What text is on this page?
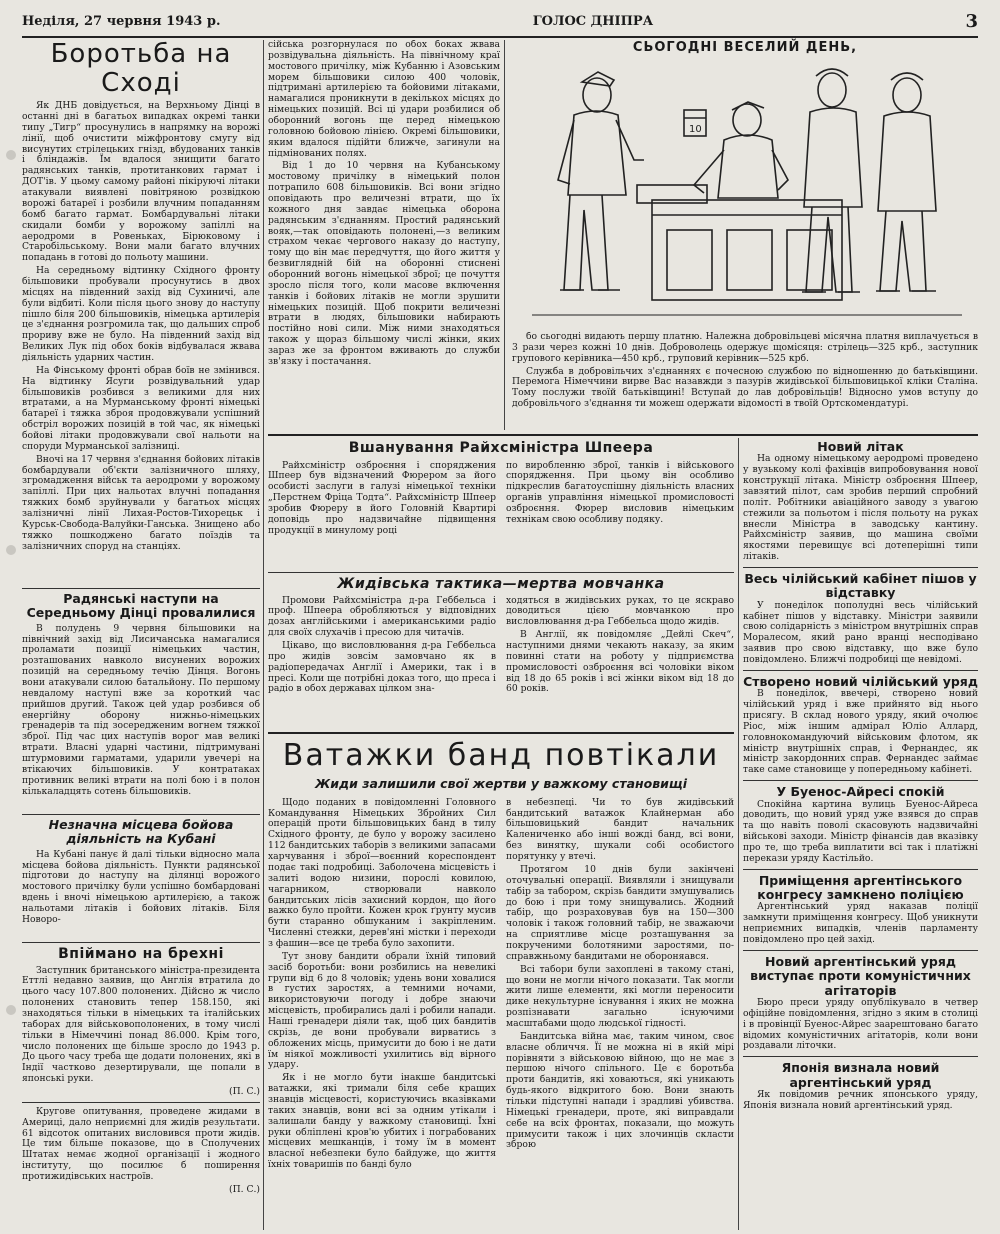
Неділя, 27 червня 1943 р.	ГОЛОС ДНІПРА	3
Боротьба на Сході

Як ДНБ довідується, на Верхньому Дінці в останні дні в багатьох випадках окремі танки типу „Тигр“ просунулись в напрямку на ворожі лінії, щоб очистити міжфронтову смугу від висунутих стрілецьких гнізд, вбудованих танків і бліндажів. Їм вдалося знищити багато радянських танків, протитанкових гармат і ДОТ'ів. У цьому самому районі пікіруючі літаки атакували виявлені повітряною розвідкою ворожі батареї і розбили влучним попаданням бомб багато гармат. Бомбардувальні літаки скидали бомби у ворожому запіллі на аеродроми в Ровеньках, Бірюковому і Старобільському. Вони мали багато влучних попадань в готові до польоту машини.

На середньому відтинку Східного фронту більшовики пробували просунутись в двох місцях на південний захід від Сухиничі, але були відбиті. Коли після цього знову до наступу пішло біля 200 більшовиків, німецька артилерія це з'єднання розгромила так, що дальших спроб прориву вже не було. На південний захід від Великих Лук під обох боків відбувалася жвава діяльність ударних частин.

На Фінському фронті обрав боїв не змінився. На відтинку Ясуги розвідувальний удар більшовиків розбився з великими для них втратами, а на Мурманському фронті німецькі батареї і тяжка зброя продовжували успішний обстріл ворожих позицій в той час, як німецькі бойові літаки продовжували свої нальоти на споруди Мурманської залізниці.

Вночі на 17 червня з'єднання бойових літаків бомбардували об'єкти залізничного шляху, згромадження військ та аеродроми у ворожому запіллі. При цих нальотах влучні попадання тяжких бомб зруйнували у багатьох місцях залізничні лінії Лихая-Ростов-Тихорецьк і Курськ-Свобода-Валуйки-Ганська. Знищено або тяжко пошкоджено багато поїздів та залізничних споруд на станціях.

Радянські наступи на Середньому Дінці провалилися

В полудень 9 червня більшовики на північний захід від Лисичанська намагалися проламати позиції німецьких частин, розташованих навколо висунених ворожих позицій на середньому течію Дінця. Вогонь вони атакували силою батальйону. По першому невдалому наступі вже за короткий час прийшов другий. Також цей удар розбився об енергійну оборону нижньо-німецьких гренадерів та під зосередженим вогнем тяжкої зброї. Під час цих наступів ворог мав великі втрати. Власні ударні частини, підтримувані штурмовими гарматами, ударили увечері на втікаючих більшовиків. У контратаках противник великі втрати на полі бою і в полон кількаладцять сотень більшовиків.

Незначна місцева бойова діяльність на Кубані

На Кубані панує й далі тільки відносно мала місцева бойова діяльність. Пункти радянської підготови до наступу на ділянці ворожого мостового причілку були успішно бомбардовані вдень і вночі німецькою артилерією, а також нальотами літаків і бойових літаків. Біля Новоро-

Впіймано на брехні

Заступник британського міністра-президента Еттлі недавно заявив, що Англія втратила до цього часу 107.800 полонених. Дійсно ж число полонених становить тепер 158.150, які знаходяться тільки в німецьких та італійських таборах для військовополонених, в тому числі тільки в Німеччині понад 86.000. Крім того, число полонених ще більше зросло до 1943 р. До цього часу треба ще додати полонених, які в Індії частково дезертирували, ще попали в японські руки.

(П. С.)

Кругове опитування, проведене жидами в Америці, дало неприємні для жидів результати. 61 відсоток опитаних висловився проти жидів. Це тим більше показове, що в Сполучених Штатах немає жодної організації і жодного інституту, що посилює б поширення протижидівських настроїв.

(П. С.)

сійська розгорнулася по обох боках жвава розвідувальна діяльність. На північному краї мостового причілку, між Кубанню і Азовським морем більшовики силою 400 чоловік, підтримані артилерією та бойовими літаками, намагалися проникнути в декількох місцях до німецьких позицій. Всі ці удари розбилися об оборонний вогонь ще перед німецькою головною бойовою лінією. Окремі більшовики, яким вдалося підійти ближче, загинули на підмінованих полях.

Від 1 до 10 червня на Кубанському мостовому причілку в німецький полон потрапило 608 більшовиків. Всі вони згідно оповідають про величезні втрати, що їх кожного дня завдає німецька оборона радянським з'єднанням. Простий радянський вояк,—так оповідають полонені,—з великим страхом чекає чергового наказу до наступу, тому що він має передчуття, що його життя у безвиглядній бій на оборонні стиснені оборонний вогонь німецької зброї; це почуття зросло після того, коли масове включення танків і бойових літаків не могли зрушити німецьких позицій. Щоб покрити величезні втрати в людях, більшовики набирають постійно нові сили. Між ними знаходяться також у щораз більшому числі жінки, яких зараз же за фронтом вживають до служби зв'язку і постачання.

СЬОГОДНІ ВЕСЕЛИЙ ДЕНЬ,
10

бо сьогодні видають першу платню. Належна добровільцеві місячна платня виплачується в 3 рази через кожні 10 днів. Доброволець одержує щомісяця: стрілець—325 крб., заступник групового керівника—450 крб., груповий керівник—525 крб.

Служба в добровільчих з'єднаннях є почесною службою по відношенню до батьківщини. Перемога Німеччини вирве Вас назавжди з пазурів жидівської більшовицької кліки Сталіна. Тому послужи твоїй батьківщині! Вступай до лав добровільців! Відносно умов вступу до добровільчого з'єднання ти можеш одержати відомості в твоїй Ортскомендатурі.

Вшанування Райхсміністра Шпеера

Райхсміністр озброєння і споряджения Шпеер був відзначений Фюрером за його особисті заслуги в галузі німецької техніки „Перстнем Фріца Тодта“. Райхсміністр Шпеер зробив Фюреру в його Головній Квартирі доповідь про надзвичайне підвищення продукції в минулому році

по виробленню зброї, танків і військового спорядження. При цьому він особливо підкреслив багатоуспішну діяльність власних органів управління німецької промисловості озброєння. Фюрер висловив німецьким технікам свою особливу подяку.

Жидівська тактика—мертва мовчанка

Промови Райхсміністра д-ра Геббельса і проф. Шпеера обробляються у відповідних дозах англійськими і американськими радіо для своїх слухачів і пресою для читачів.

Цікаво, що висловлювання д-ра Геббельса про жидів зовсім замовчано як в радіопередачах Англії і Америки, так і в пресі. Коли ще потрібні доказ того, що преса і радіо в обох державах цілком зна-

ходяться в жидівських руках, то це яскраво доводиться цією мовчанкою про висловлювання д-ра Геббельса щодо жидів.

В Англії, як повідомляє „Дейлі Скеч“, наступними днями чекають наказу, за яким повинні стати на роботу у підприємства промисловості озброєння всі чоловіки віком від 18 до 65 років і всі жінки віком від 18 до 60 років.

Ватажки банд повтікали
Жиди залишили свої жертви у важкому становищі

Щодо поданих в повідомленні Головного Командування Німецьких Збройних Сил операцій проти більшовицьких банд в тилу Східного фронту, де було у ворожу засилено 112 бандитських таборів з великими запасами харчування і зброї—воєнний кореспондент подає такі подробиці. Заболочена місцевість і залиті водою низини, порослі ковилою, чагарником, створювали навколо бандитських лісів захисний кордон, що його важко було пройти. Кожен крок ґрунту мусив бути старанно обшуканим і закріпленим. Численні стежки, дерев'яні містки і переходи з фашин—все це треба було захопити.

Тут знову бандити обрали їхній типовий засіб боротьби: вони розбились на невеликі групи від 6 до 8 чоловік; удень вони ховалися в густих заростях, а темними ночами, використовуючи погоду і добре знаючи місцевість, пробирались далі і робили напади. Наші гренадери діяли так, щоб цих бандитів скрізь, де вони пробували вирватись з обложених місць, примусити до бою і не дати їм ніякої можливості ухилитись від вірного удару.

Як і не могло бути інакше бандитські ватажки, які тримали біля себе кращих знавців місцевості, користуючись вказівками таких знавців, вони всі за одним утікали і залишали банду у важкому становищі. Їхні руки обліплені кров'ю убитих і пограбованих місцевих мешканців, і тому їм в момент власної небезпеки було байдуже, що життя їхніх товаришів по банді було

в небезпеці. Чи то був жидівський бандитський ватажок Клайнерман або більшовицький бандит начальник Калениченко або інші вожді банд, всі вони, без винятку, шукали собі особистого порятунку у втечі.

Протягом 10 днів були закінчені оточувальні операції. Виявляли і знищували табір за табором, скрізь бандити змушувались до бою і при тому знищувались. Жодний табір, що розраховував був на 150—300 чоловік і також головний табір, не зважаючи на сприятливе місце розташування за покрученими болотяними заростями, по-справжньому бандитами не обороняався.

Всі табори були захоплені в такому стані, що вони не могли нічого показати. Так могли жити лише елементи, які могли переносити дике некультурне існування і яких не можна розпізнавати загально існуючими масштабами щодо людської гідності.

Бандитська війна має, таким чином, своє власне обличчя. Її не можна ні в якій мірі порівняти з військовою війною, що не має з першою нічого спільного. Це є боротьба проти бандитів, які ховаються, які уникають будь-якого відкритого бою. Вони знають тільки підступні напади і зрадливі убивства. Німецькі гренадери, проте, які виправдали себе на всіх фронтах, показали, що можуть примусити також і цих злочинців скласти зброю

Новий літак

На одному німецькому аеродромі проведено у вузькому колі фахівців випробовування нової конструкції літака. Міністр озброєння Шпеер, завзятий пілот, сам зробив перший спробний політ. Робітники авіаційного заводу з увагою стежили за польотом і після польоту на руках внесли Міністра в заводську кантину. Райхсміністр заявив, що машина своїми якостями перевищує всі дотеперішні типи літаків.

Весь чілійський кабінет пішов у відставку

У понеділок пополудні весь чілійський кабінет пішов у відставку. Міністри заявили свою солідарність з міністром внутрішніх справ Моралесом, який рано вранці несподівано заявив про свою відставку, що вже було повідомлено. Ближчі подробиці ще невідомі.

Створено новий чілійський уряд

В понеділок, ввечері, створено новий чілійський уряд і вже прийнято від нього присягу. В склад нового уряду, який очолює Ріос, між іншим адмірал Юліо Аллард, головнокомандуючий військовим флотом, як міністр внутрішніх справ, і Фернандес, як міністр закордонних справ. Фернандес займає таке саме становище у попередньому кабінеті.

У Буенос-Айресі спокій

Спокійна картина вулиць Буенос-Айреса доводить, що новий уряд уже взявся до справ та що навіть поволі скасовують надзвичайні військові заходи. Міністр фінансів дав вказівку про те, що треба виплатити всі так і платіжні перекази уряду Кастільйо.

Приміщення аргентінського конгресу замкнено поліцією

Аргентінський уряд наказав поліції замкнути приміщення конгресу. Щоб уникнути неприємних випадків, членів парламенту повідомлено про цей захід.

Новий аргентінський уряд виступає проти комуністичних агітаторів

Бюро преси уряду опублікувало в четвер офіційне повідомлення, згідно з яким в столиці і в провінції Буенос-Айрес заарештовано багато відомих комуністичних агітаторів, коли вони роздавали літочки.

Японія визнала новий аргентінський уряд

Як повідомив речник японського уряду, Японія визнала новий аргентінський уряд.
